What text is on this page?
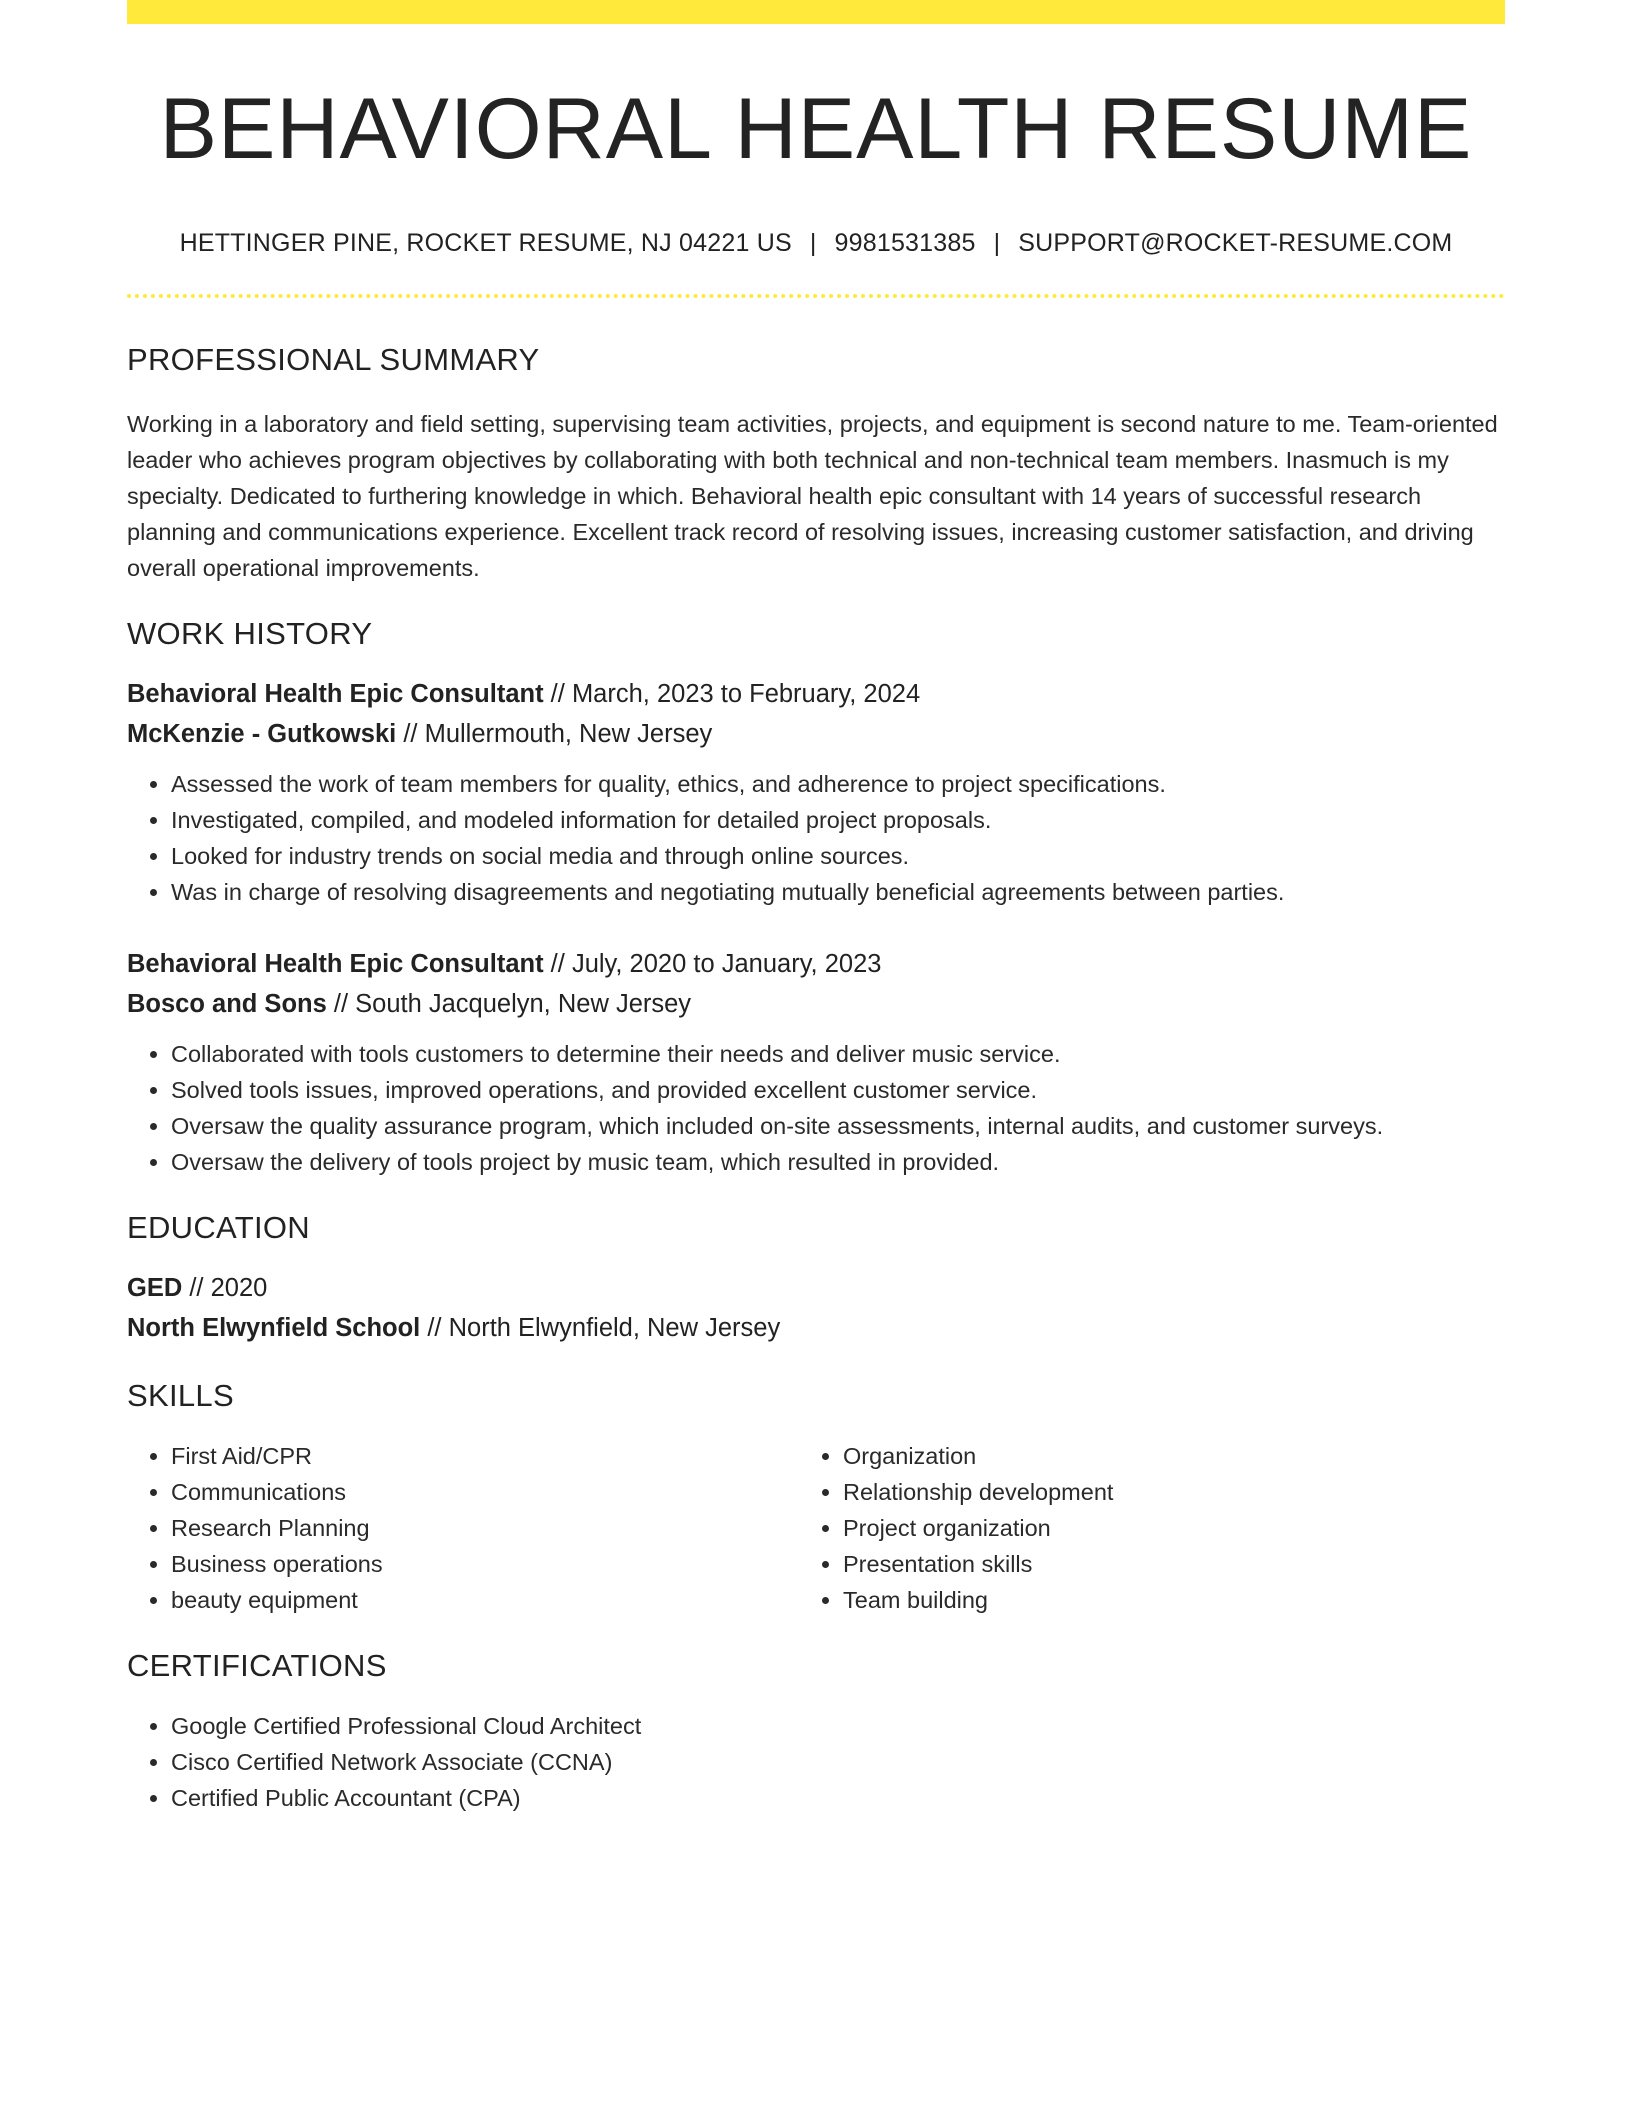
BEHAVIORAL HEALTH RESUME
HETTINGER PINE, ROCKET RESUME, NJ 04221 US | 9981531385 | SUPPORT@ROCKET-RESUME.COM
PROFESSIONAL SUMMARY

Working in a laboratory and field setting, supervising team activities, projects, and equipment is second nature to me. Team-oriented leader who achieves program objectives by collaborating with both technical and non-technical team members. Inasmuch is my specialty. Dedicated to furthering knowledge in which. Behavioral health epic consultant with 14 years of successful research planning and communications experience. Excellent track record of resolving issues, increasing customer satisfaction, and driving overall operational improvements.

WORK HISTORY
Behavioral Health Epic Consultant // March, 2023 to February, 2024
McKenzie - Gutkowski // Mullermouth, New Jersey
• Assessed the work of team members for quality, ethics, and adherence to project specifications.
• Investigated, compiled, and modeled information for detailed project proposals.
• Looked for industry trends on social media and through online sources.
• Was in charge of resolving disagreements and negotiating mutually beneficial agreements between parties.
Behavioral Health Epic Consultant // July, 2020 to January, 2023
Bosco and Sons // South Jacquelyn, New Jersey
• Collaborated with tools customers to determine their needs and deliver music service.
• Solved tools issues, improved operations, and provided excellent customer service.
• Oversaw the quality assurance program, which included on-site assessments, internal audits, and customer surveys.
• Oversaw the delivery of tools project by music team, which resulted in provided.
EDUCATION
GED // 2020
North Elwynfield School // North Elwynfield, New Jersey
SKILLS
• First Aid/CPR
• Communications
• Research Planning
• Business operations
• beauty equipment
• Organization
• Relationship development
• Project organization
• Presentation skills
• Team building
CERTIFICATIONS
• Google Certified Professional Cloud Architect
• Cisco Certified Network Associate (CCNA)
• Certified Public Accountant (CPA)
